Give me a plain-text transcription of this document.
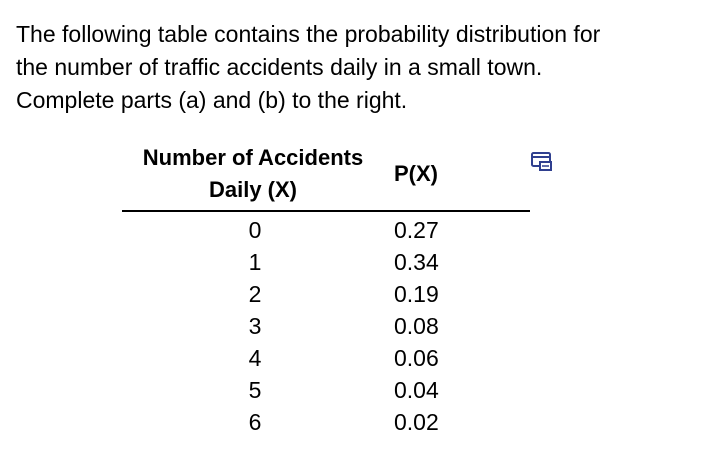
The following table contains the probability distribution for
the number of traffic accidents daily in a small town.
Complete parts (a) and (b) to the right.

Number of Accidents
Daily (X)	P(X)
0	0.27
1	0.34
2	0.19
3	0.08
4	0.06
5	0.04
6	0.02
